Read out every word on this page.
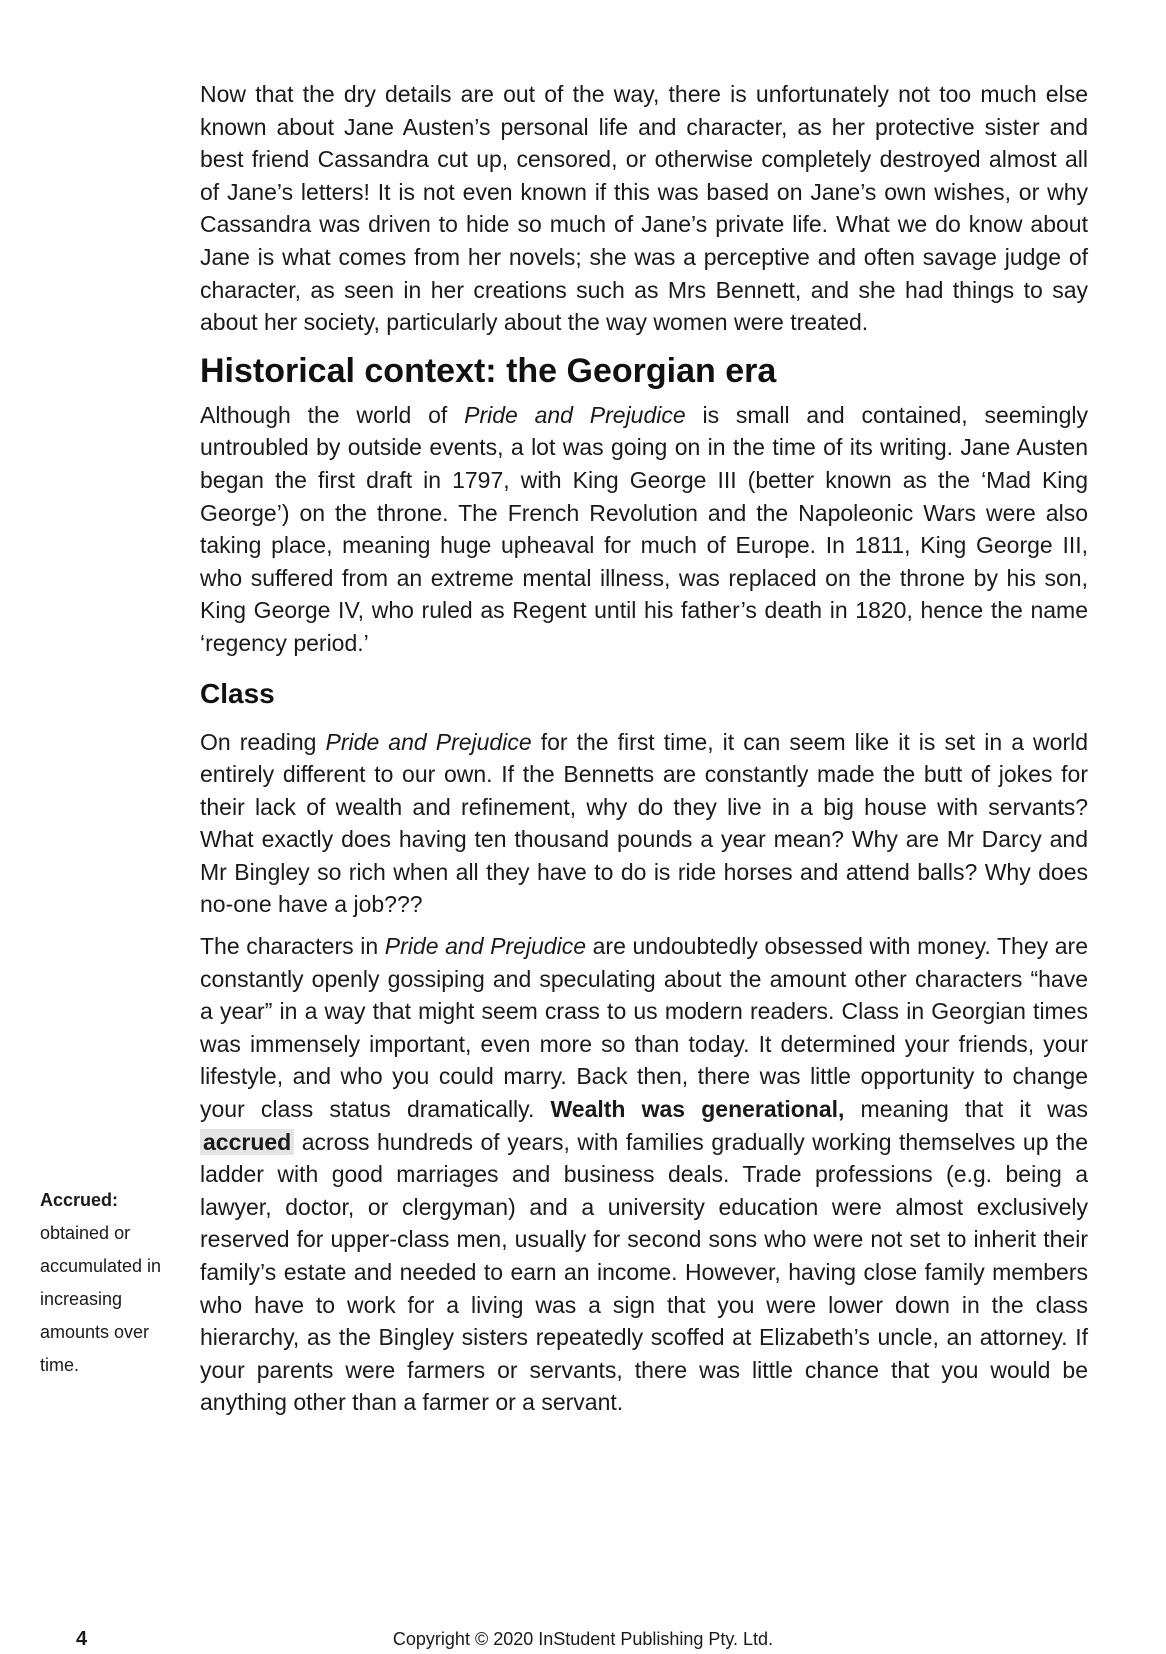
Now that the dry details are out of the way, there is unfortunately not too much else known about Jane Austen’s personal life and character, as her protective sister and best friend Cassandra cut up, censored, or otherwise completely destroyed almost all of Jane’s letters! It is not even known if this was based on Jane’s own wishes, or why Cassandra was driven to hide so much of Jane’s private life. What we do know about Jane is what comes from her novels; she was a perceptive and often savage judge of character, as seen in her creations such as Mrs Bennett, and she had things to say about her society, particularly about the way women were treated.

Historical context: the Georgian era

Although the world of Pride and Prejudice is small and contained, seemingly untroubled by outside events, a lot was going on in the time of its writing. Jane Austen began the first draft in 1797, with King George III (better known as the ‘Mad King George’) on the throne. The French Revolution and the Napoleonic Wars were also taking place, meaning huge upheaval for much of Europe. In 1811, King George III, who suffered from an extreme mental illness, was replaced on the throne by his son, King George IV, who ruled as Regent until his father’s death in 1820, hence the name ‘regency period.’

Class

On reading Pride and Prejudice for the first time, it can seem like it is set in a world entirely different to our own. If the Bennetts are constantly made the butt of jokes for their lack of wealth and refinement, why do they live in a big house with servants? What exactly does having ten thousand pounds a year mean? Why are Mr Darcy and Mr Bingley so rich when all they have to do is ride horses and attend balls? Why does no-one have a job???

The characters in Pride and Prejudice are undoubtedly obsessed with money. They are constantly openly gossiping and speculating about the amount other characters “have a year” in a way that might seem crass to us modern readers. Class in Georgian times was immensely important, even more so than today. It determined your friends, your lifestyle, and who you could marry. Back then, there was little opportunity to change your class status dramatically. Wealth was generational, meaning that it was accrued across hundreds of years, with families gradually working themselves up the ladder with good marriages and business deals. Trade professions (e.g. being a lawyer, doctor, or clergyman) and a university education were almost exclusively reserved for upper-class men, usually for second sons who were not set to inherit their family’s estate and needed to earn an income. However, having close family members who have to work for a living was a sign that you were lower down in the class hierarchy, as the Bingley sisters repeatedly scoffed at Elizabeth’s uncle, an attorney. If your parents were farmers or servants, there was little chance that you would be anything other than a farmer or a servant.

Accrued:
obtained or accumulated in increasing amounts over time.
4	Copyright © 2020 InStudent Publishing Pty. Ltd.
